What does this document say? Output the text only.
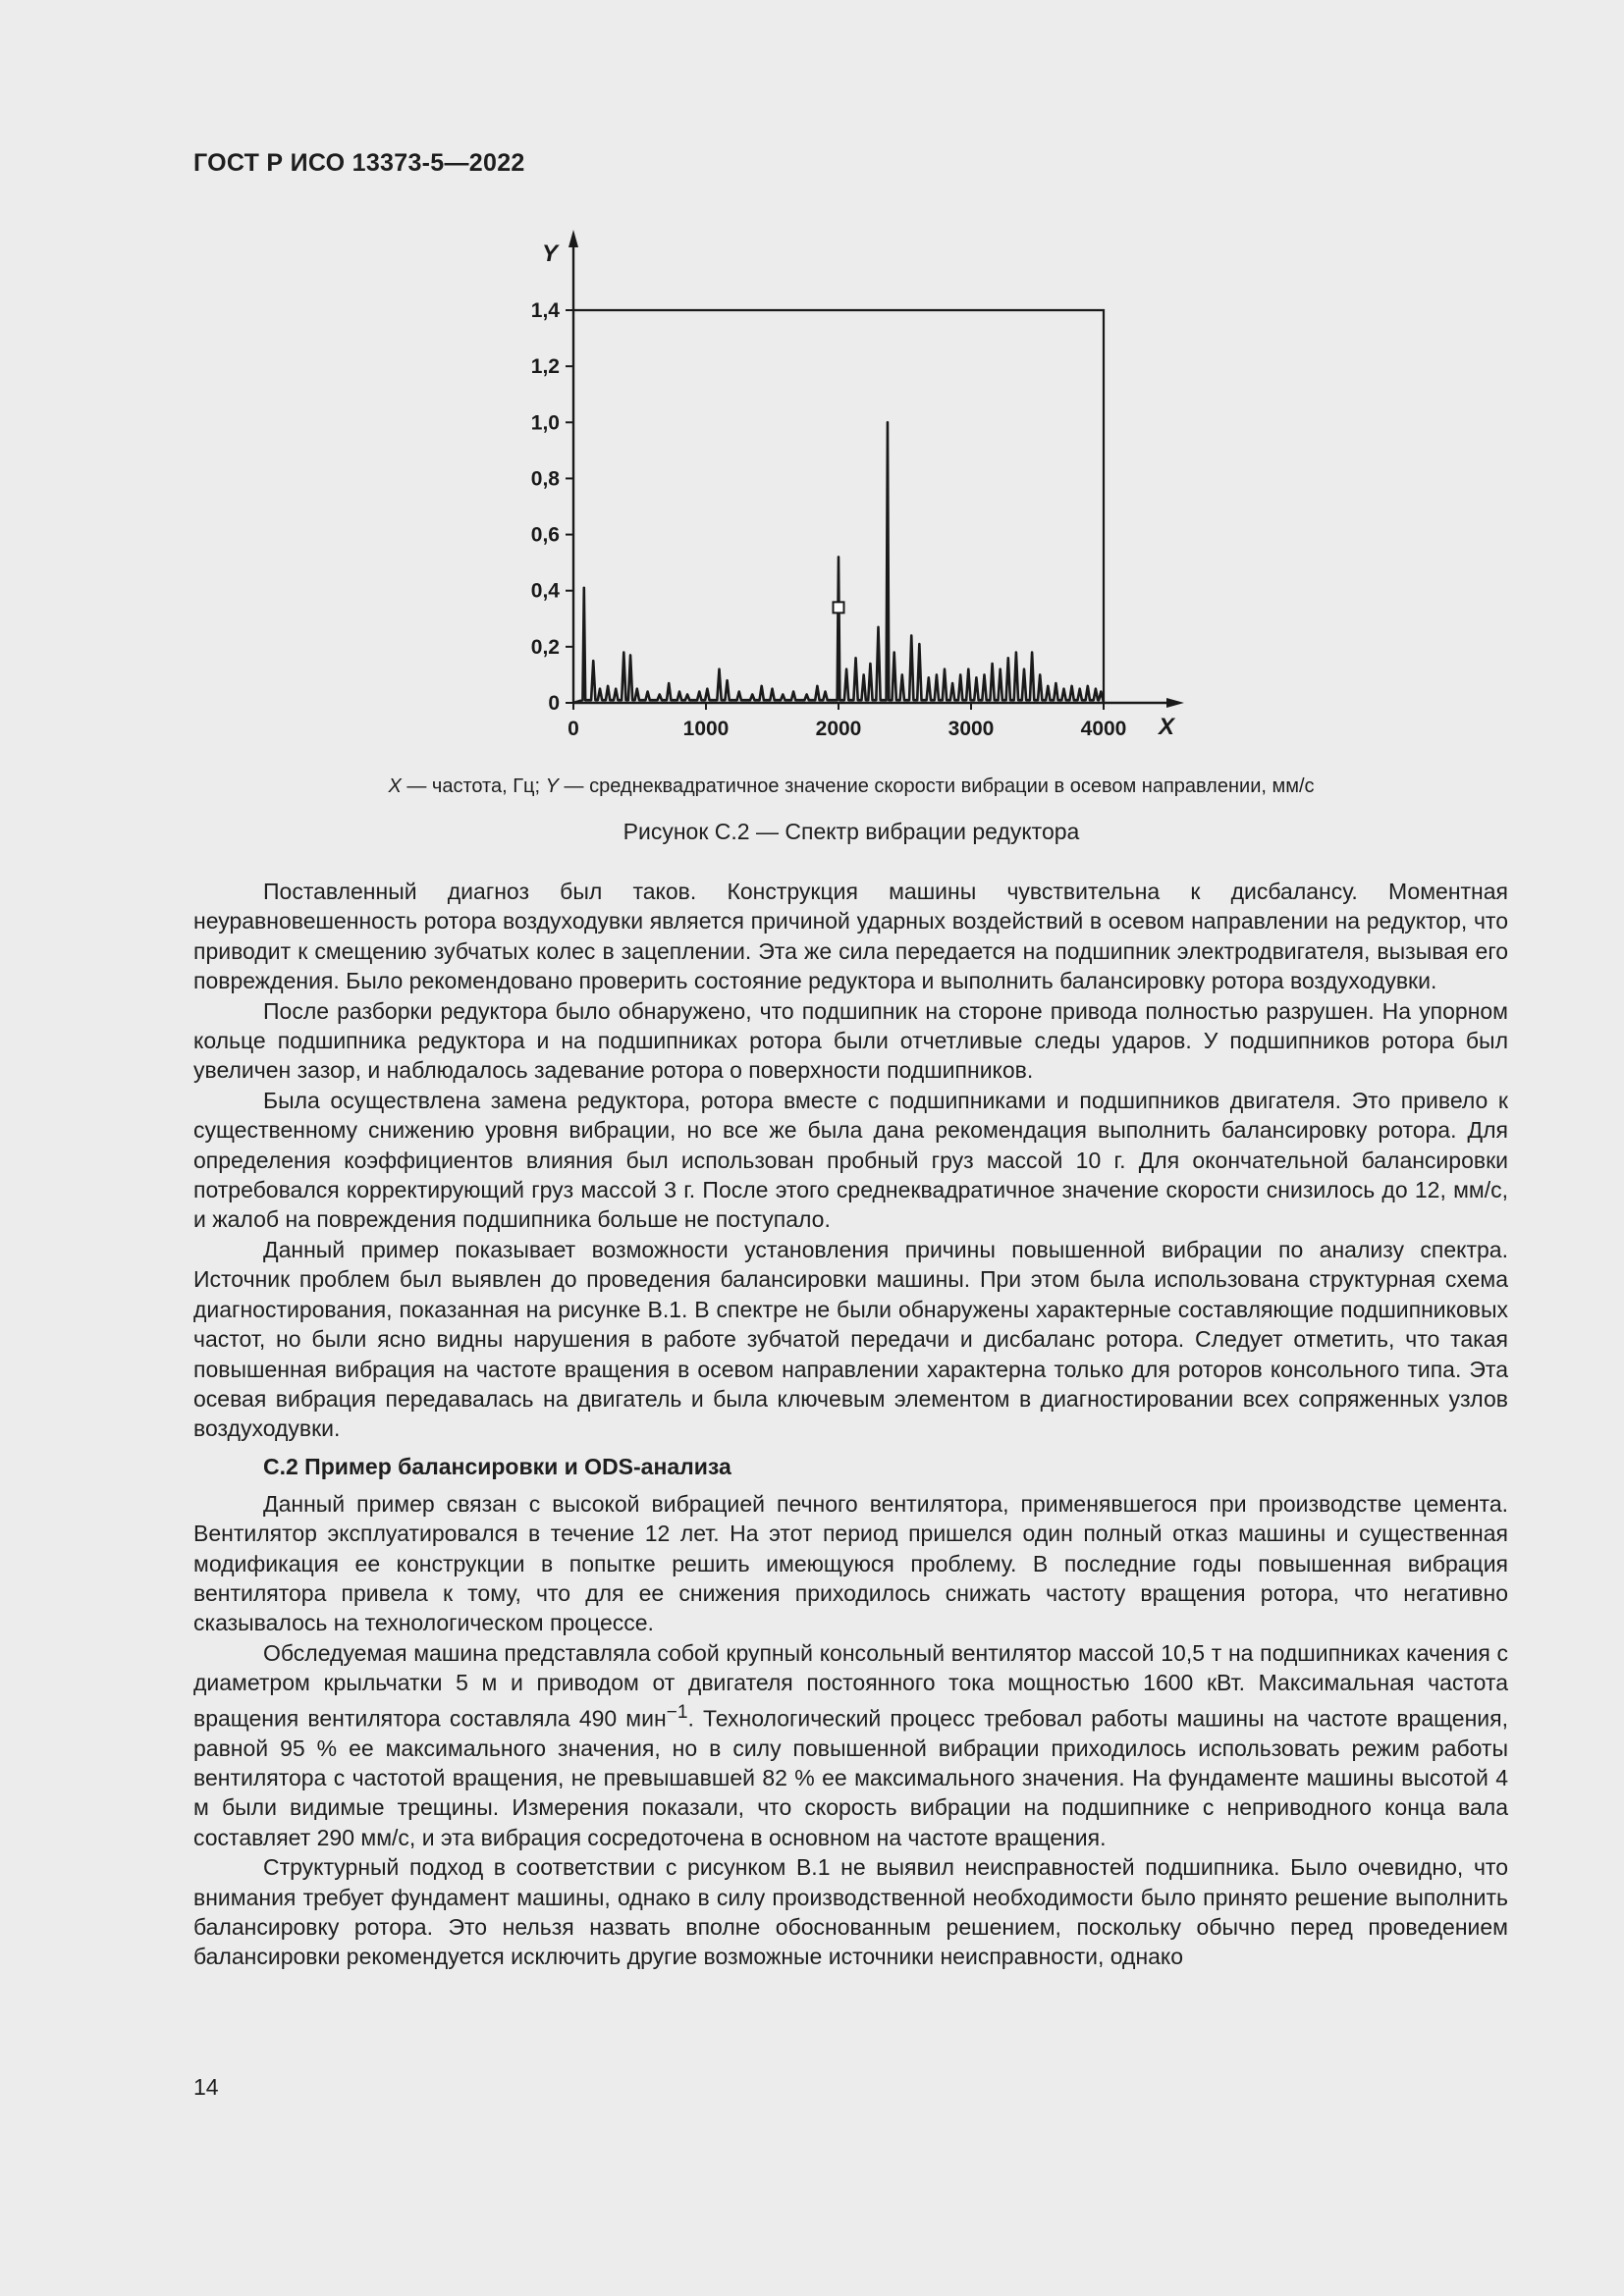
ГОСТ Р ИСО 13373-5—2022
Y
X
0
0,2
0,4
0,6
0,8
1,0
1,2
1,4
0	1000	2000	3000	4000
X — частота, Гц; Y — среднеквадратичное значение скорости вибрации в осевом направлении, мм/с
Рисунок С.2 — Спектр вибрации редуктора

Поставленный диагноз был таков. Конструкция машины чувствительна к дисбалансу. Моментная неуравновешенность ротора воздуходувки является причиной ударных воздействий в осевом направлении на редуктор, что приводит к смещению зубчатых колес в зацеплении. Эта же сила передается на подшипник электродвигателя, вызывая его повреждения. Было рекомендовано проверить состояние редуктора и выполнить балансировку ротора воздуходувки.

После разборки редуктора было обнаружено, что подшипник на стороне привода полностью разрушен. На упорном кольце подшипника редуктора и на подшипниках ротора были отчетливые следы ударов. У подшипников ротора был увеличен зазор, и наблюдалось задевание ротора о поверхности подшипников.

Была осуществлена замена редуктора, ротора вместе с подшипниками и подшипников двигателя. Это привело к существенному снижению уровня вибрации, но все же была дана рекомендация выполнить балансировку ротора. Для определения коэффициентов влияния был использован пробный груз массой 10 г. Для окончательной балансировки потребовался корректирующий груз массой 3 г. После этого среднеквадратичное значение скорости снизилось до 12, мм/с, и жалоб на повреждения подшипника больше не поступало.

Данный пример показывает возможности установления причины повышенной вибрации по анализу спектра. Источник проблем был выявлен до проведения балансировки машины. При этом была использована структурная схема диагностирования, показанная на рисунке В.1. В спектре не были обнаружены характерные составляющие подшипниковых частот, но были ясно видны нарушения в работе зубчатой передачи и дисбаланс ротора. Следует отметить, что такая повышенная вибрация на частоте вращения в осевом направлении характерна только для роторов консольного типа. Эта осевая вибрация передавалась на двигатель и была ключевым элементом в диагностировании всех сопряженных узлов воздуходувки.

С.2 Пример балансировки и ODS-анализа

Данный пример связан с высокой вибрацией печного вентилятора, применявшегося при производстве цемента. Вентилятор эксплуатировался в течение 12 лет. На этот период пришелся один полный отказ машины и существенная модификация ее конструкции в попытке решить имеющуюся проблему. В последние годы повышенная вибрация вентилятора привела к тому, что для ее снижения приходилось снижать частоту вращения ротора, что негативно сказывалось на технологическом процессе.

Обследуемая машина представляла собой крупный консольный вентилятор массой 10,5 т на подшипниках качения с диаметром крыльчатки 5 м и приводом от двигателя постоянного тока мощностью 1600 кВт. Максимальная частота вращения вентилятора составляла 490 мин$^{-1}$. Технологический процесс требовал работы машины на частоте вращения, равной 95 % ее максимального значения, но в силу повышенной вибрации приходилось использовать режим работы вентилятора с частотой вращения, не превышавшей 82 % ее максимального значения. На фундаменте машины высотой 4 м были видимые трещины. Измерения показали, что скорость вибрации на подшипнике с неприводного конца вала составляет 290 мм/с, и эта вибрация сосредоточена в основном на частоте вращения.

Структурный подход в соответствии с рисунком В.1 не выявил неисправностей подшипника. Было очевидно, что внимания требует фундамент машины, однако в силу производственной необходимости было принято решение выполнить балансировку ротора. Это нельзя назвать вполне обоснованным решением, поскольку обычно перед проведением балансировки рекомендуется исключить другие возможные источники неисправности, однако

14
